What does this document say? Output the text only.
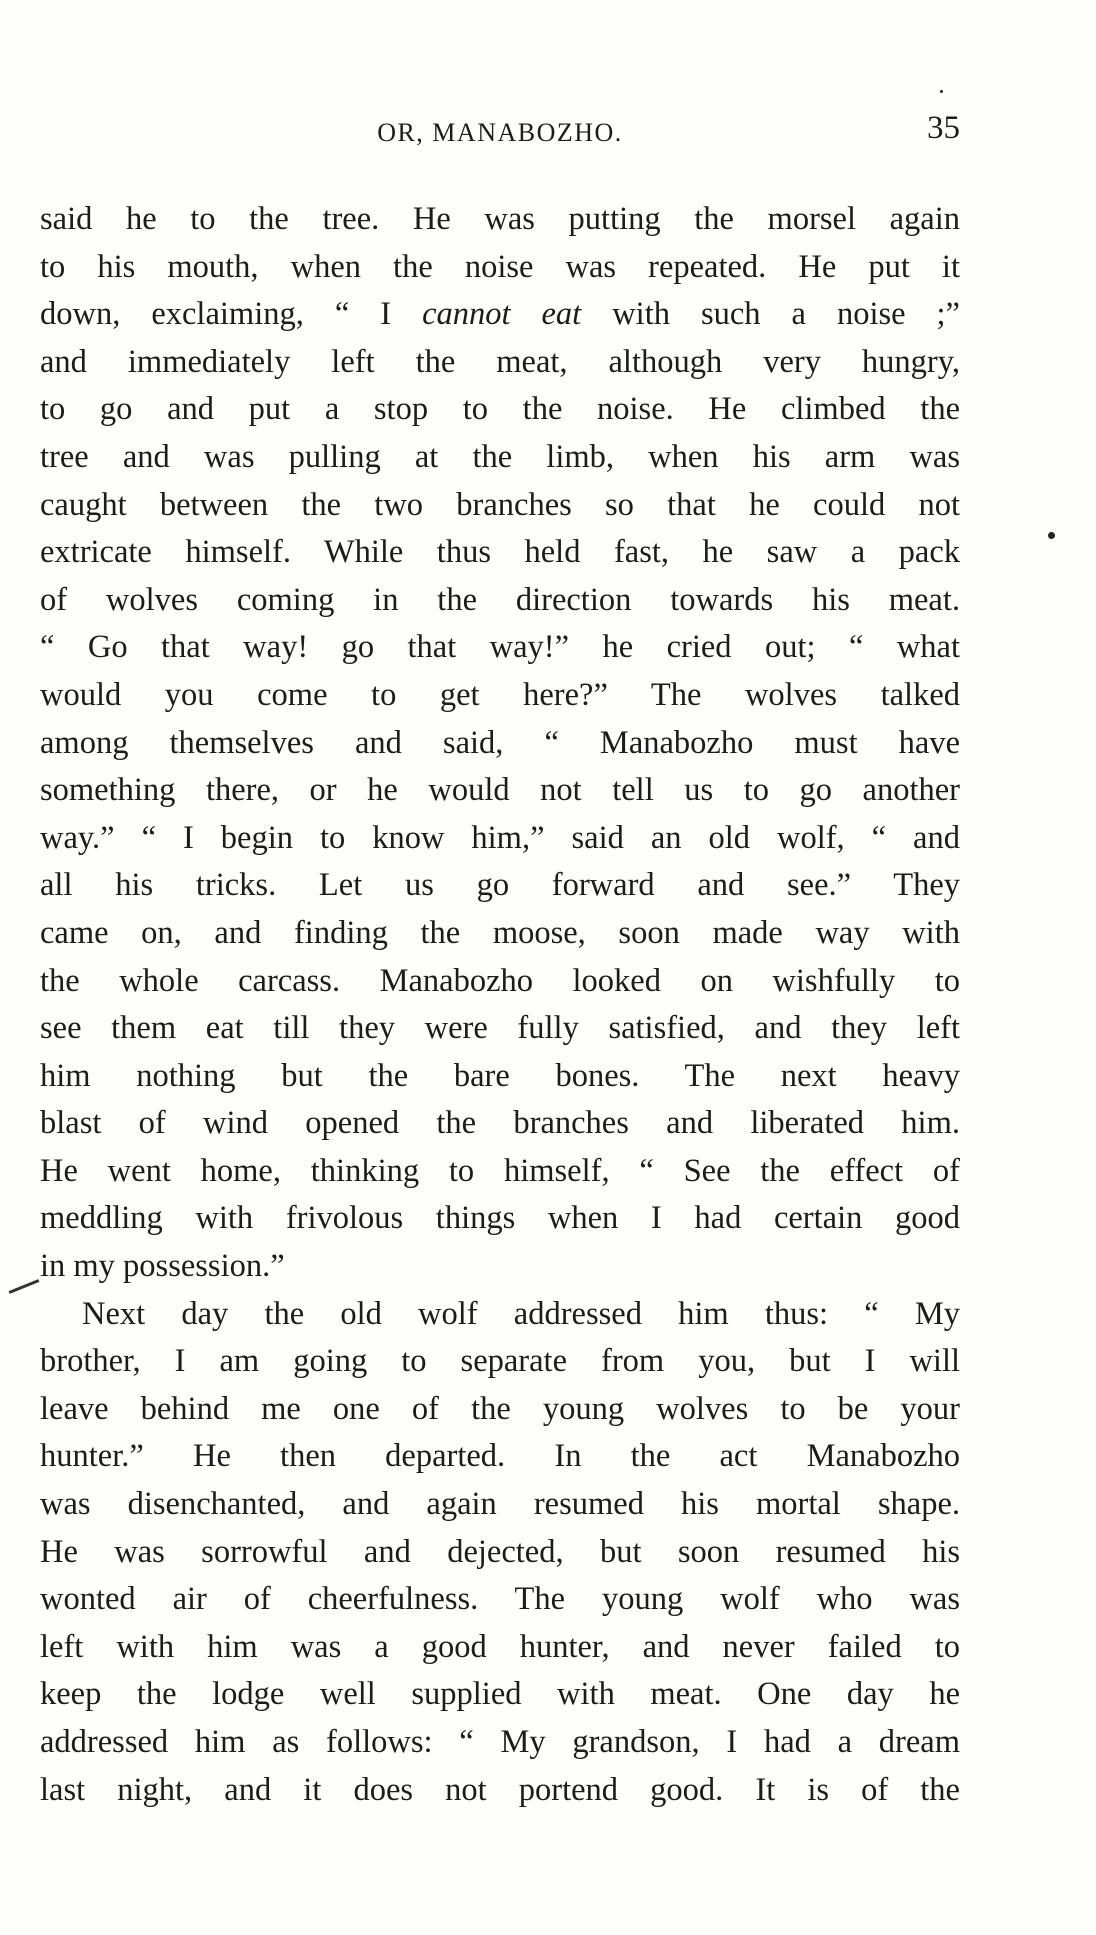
OR, MANABOZHO.	35
said he to the tree. He was putting the morsel again
to his mouth, when the noise was repeated. He put it
down, exclaiming, “ I cannot eat with such a noise ;”
and immediately left the meat, although very hungry,
to go and put a stop to the noise. He climbed the
tree and was pulling at the limb, when his arm was
caught between the two branches so that he could not
extricate himself. While thus held fast, he saw a pack
of wolves coming in the direction towards his meat.
“ Go that way! go that way!” he cried out; “ what
would you come to get here?” The wolves talked
among themselves and said, “ Manabozho must have
something there, or he would not tell us to go another
way.” “ I begin to know him,” said an old wolf, “ and
all his tricks. Let us go forward and see.” They
came on, and finding the moose, soon made way with
the whole carcass. Manabozho looked on wishfully to
see them eat till they were fully satisfied, and they left
him nothing but the bare bones. The next heavy
blast of wind opened the branches and liberated him.
He went home, thinking to himself, “ See the effect of
meddling with frivolous things when I had certain good
in my possession.”
Next day the old wolf addressed him thus: “ My
brother, I am going to separate from you, but I will
leave behind me one of the young wolves to be your
hunter.” He then departed. In the act Manabozho
was disenchanted, and again resumed his mortal shape.
He was sorrowful and dejected, but soon resumed his
wonted air of cheerfulness. The young wolf who was
left with him was a good hunter, and never failed to
keep the lodge well supplied with meat. One day he
addressed him as follows: “ My grandson, I had a dream
last night, and it does not portend good. It is of the
